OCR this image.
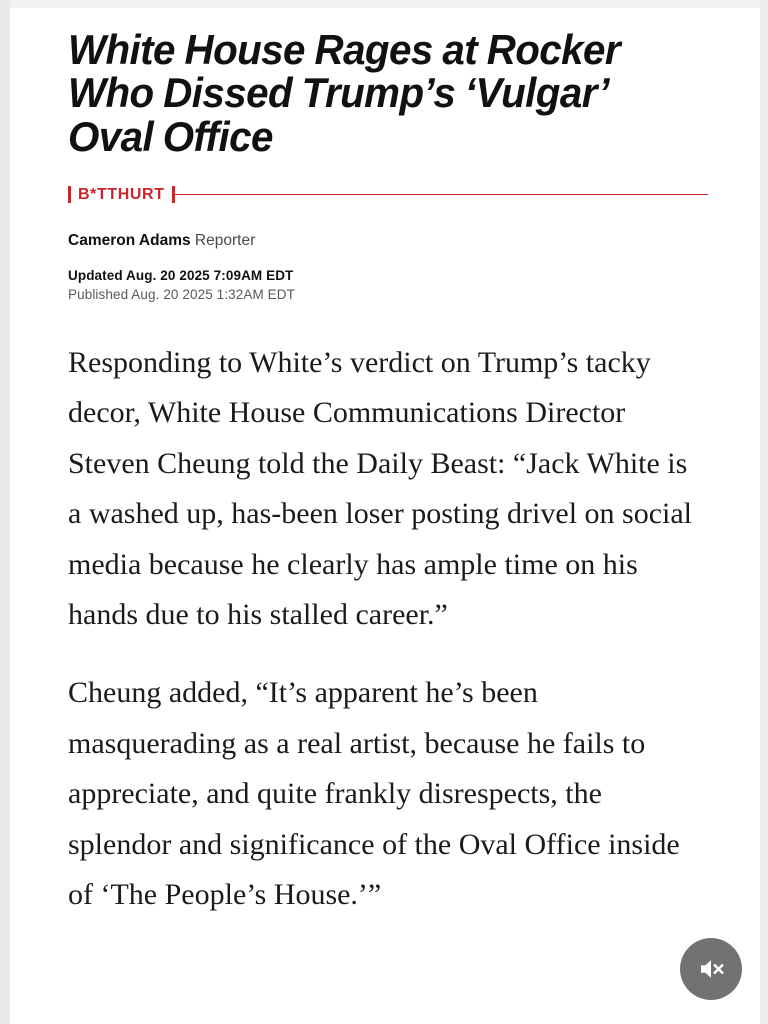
White House Rages at Rocker Who Dissed Trump’s ‘Vulgar’ Oval Office
B*TTHURT
Cameron Adams Reporter
Updated Aug. 20 2025 7:09AM EDT
Published Aug. 20 2025 1:32AM EDT

Responding to White’s verdict on Trump’s tacky decor, White House Communications Director Steven Cheung told the Daily Beast: “Jack White is a washed up, has-been loser posting drivel on social media because he clearly has ample time on his hands due to his stalled career.”

Cheung added, “It’s apparent he’s been masquerading as a real artist, because he fails to appreciate, and quite frankly disrespects, the splendor and significance of the Oval Office inside of ‘The People’s House.’”
